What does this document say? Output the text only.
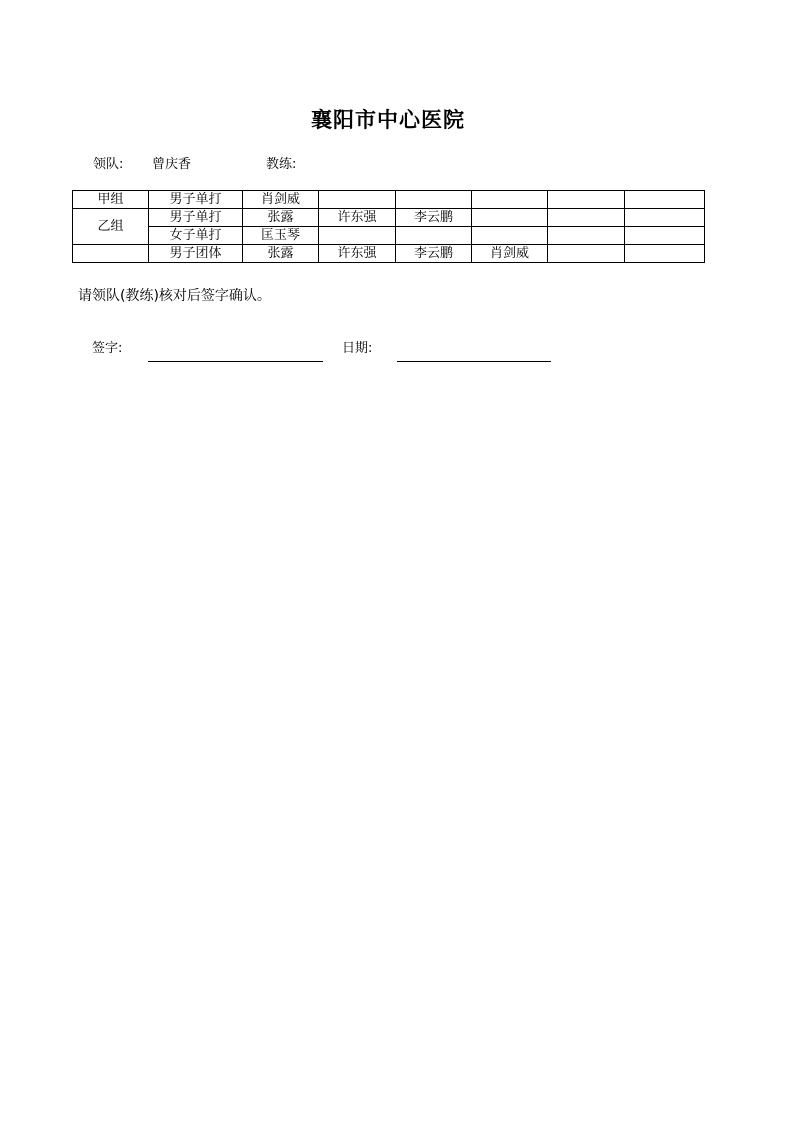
襄阳市中心医院
领队: 曾庆香	教练:
甲组	男子单打	肖剑威					
乙组	男子单打	张露	许东强	李云鹏			
	女子单打	匡玉琴					
	男子团体	张露	许东强	李云鹏	肖剑威		
请领队(教练)核对后签字确认。
签字:	日期:
